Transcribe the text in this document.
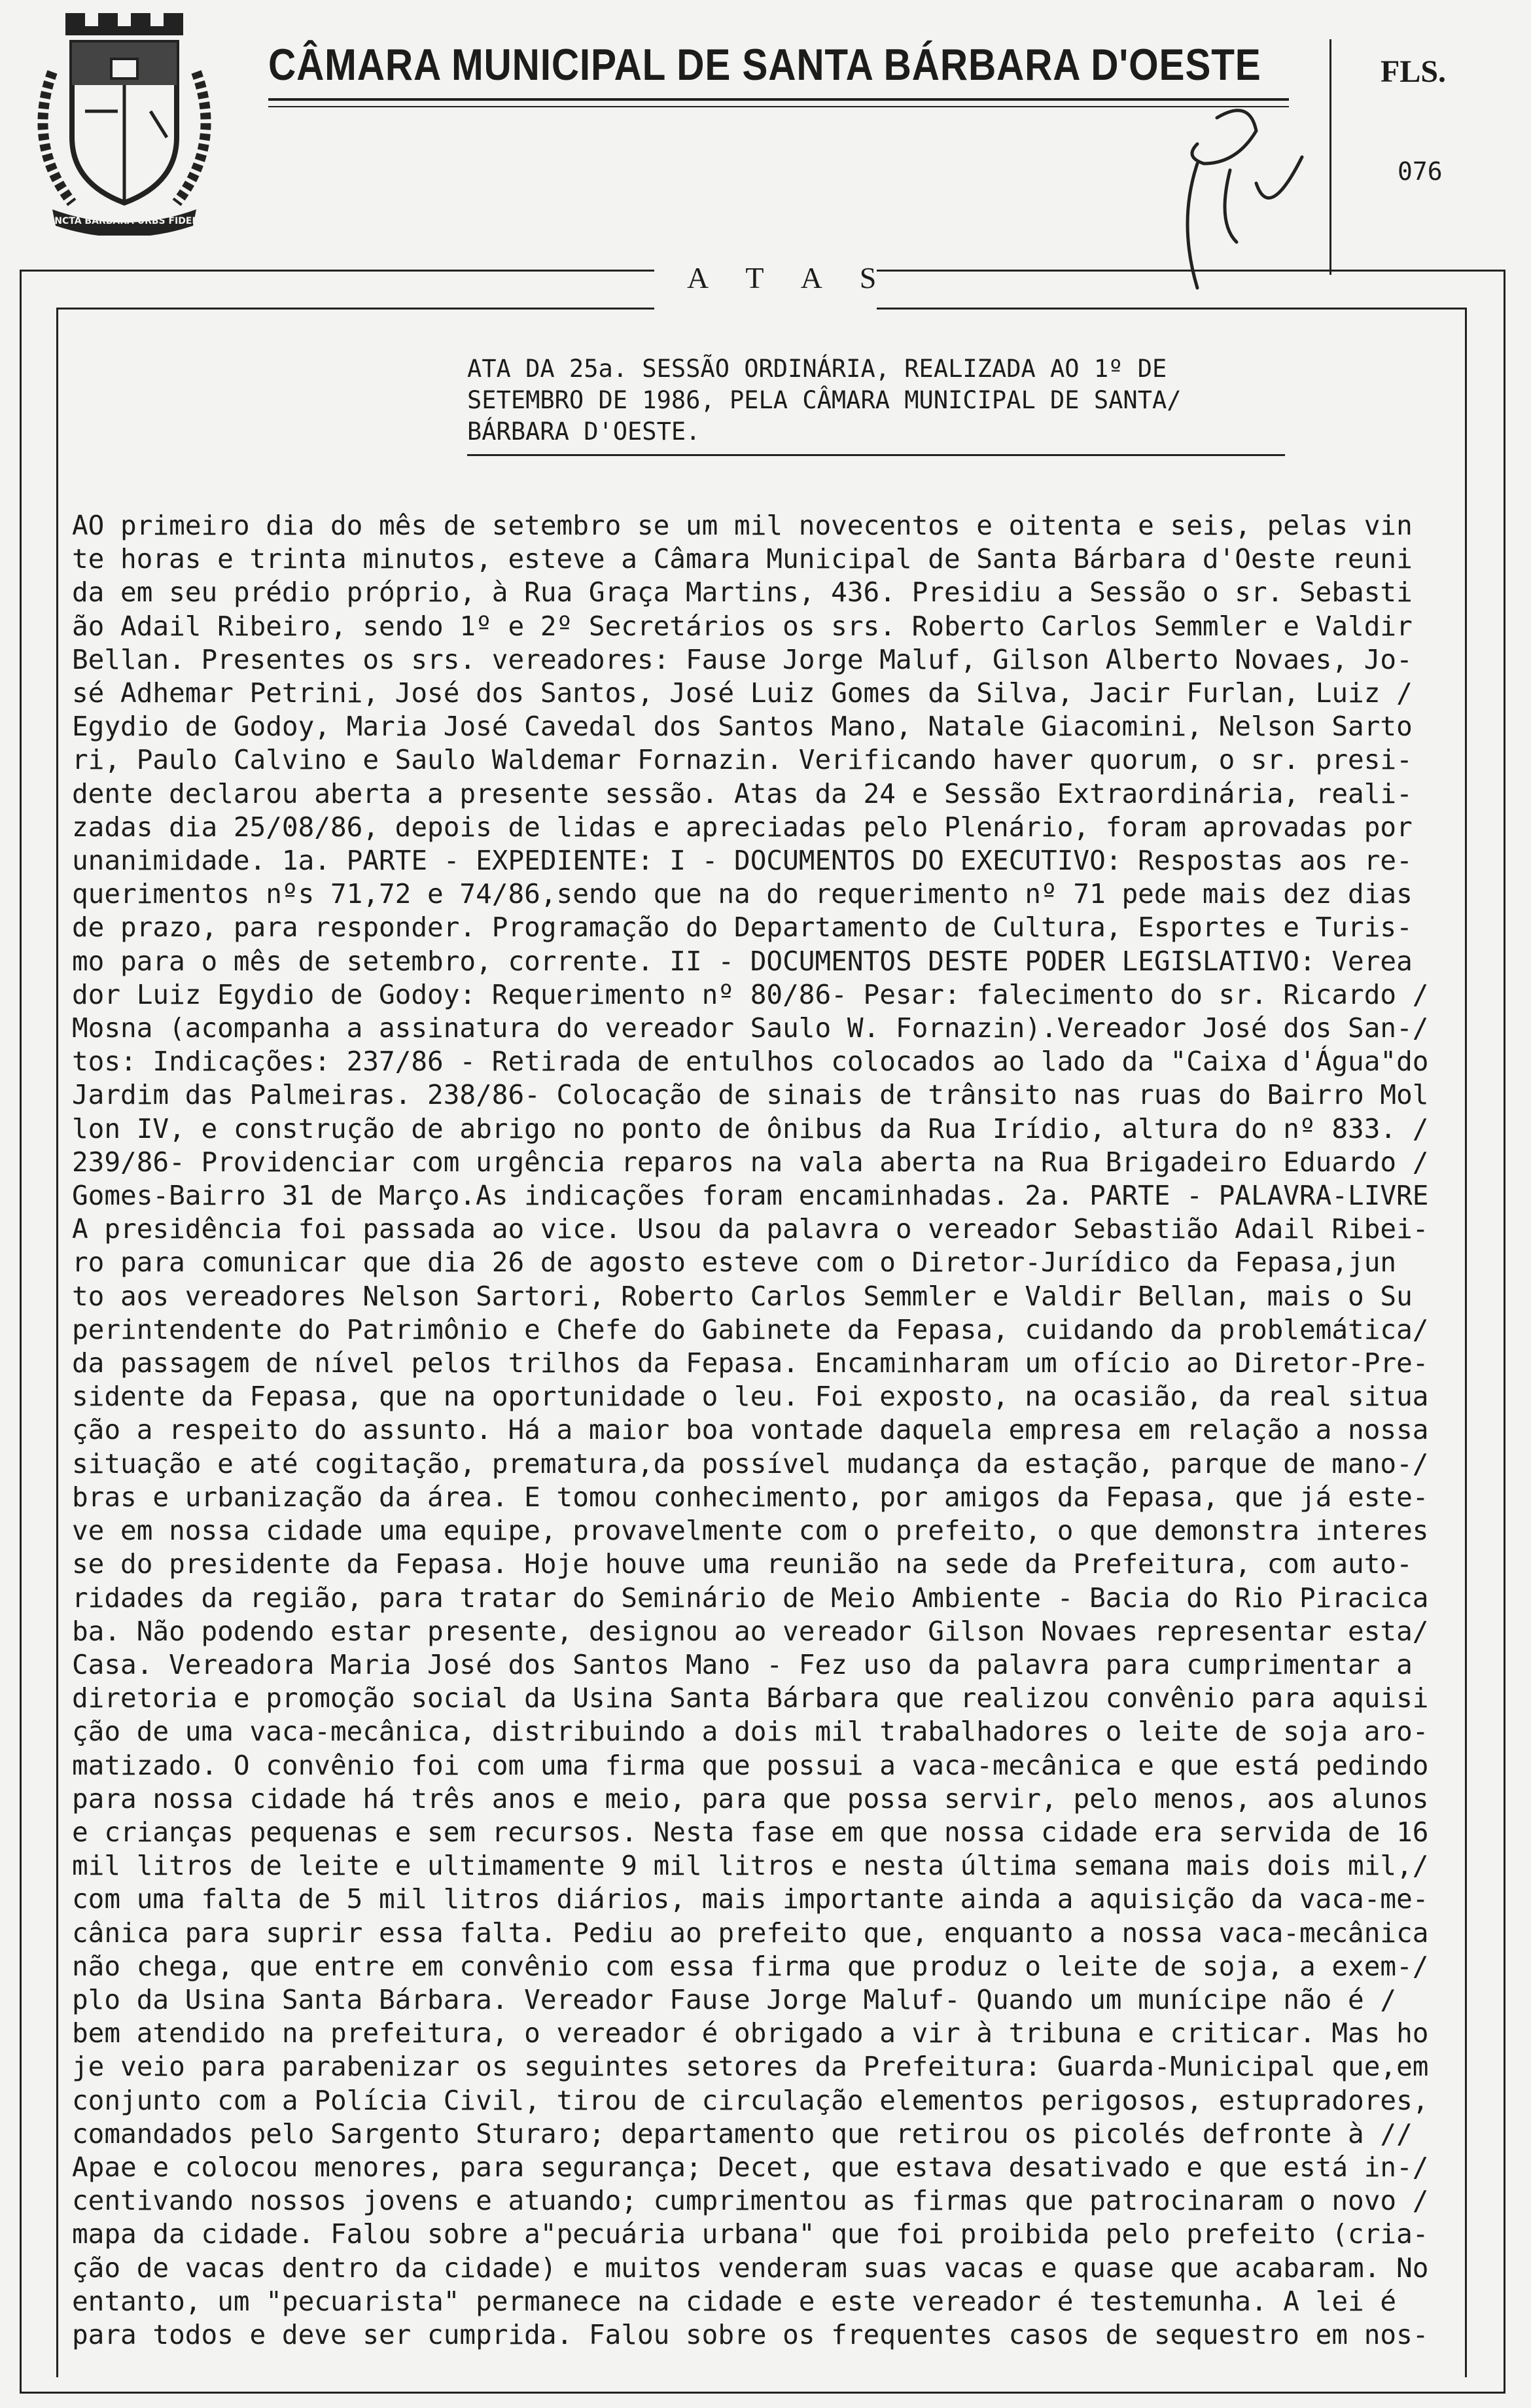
SANCTA BARBARA URBS FIDELIS
CÂMARA MUNICIPAL DE SANTA BÁRBARA D'OESTE	FLS.
076
A T A S
ATA DA 25a. SESSÃO ORDINÁRIA, REALIZADA AO 1º DE
SETEMBRO DE 1986, PELA CÂMARA MUNICIPAL DE SANTA/
BÁRBARA D'OESTE.
AO primeiro dia do mês de setembro se um mil novecentos e oitenta e seis, pelas vin
te horas e trinta minutos, esteve a Câmara Municipal de Santa Bárbara d'Oeste reuni
da em seu prédio próprio, à Rua Graça Martins, 436. Presidiu a Sessão o sr. Sebasti
ão Adail Ribeiro, sendo 1º e 2º Secretários os srs. Roberto Carlos Semmler e Valdir
Bellan. Presentes os srs. vereadores: Fause Jorge Maluf, Gilson Alberto Novaes, Jo-
sé Adhemar Petrini, José dos Santos, José Luiz Gomes da Silva, Jacir Furlan, Luiz /
Egydio de Godoy, Maria José Cavedal dos Santos Mano, Natale Giacomini, Nelson Sarto
ri, Paulo Calvino e Saulo Waldemar Fornazin. Verificando haver quorum, o sr. presi-
dente declarou aberta a presente sessão. Atas da 24 e Sessão Extraordinária, reali-
zadas dia 25/08/86, depois de lidas e apreciadas pelo Plenário, foram aprovadas por
unanimidade. 1a. PARTE - EXPEDIENTE: I - DOCUMENTOS DO EXECUTIVO: Respostas aos re-
querimentos nºs 71,72 e 74/86,sendo que na do requerimento nº 71 pede mais dez dias
de prazo, para responder. Programação do Departamento de Cultura, Esportes e Turis-
mo para o mês de setembro, corrente. II - DOCUMENTOS DESTE PODER LEGISLATIVO: Verea
dor Luiz Egydio de Godoy: Requerimento nº 80/86- Pesar: falecimento do sr. Ricardo /
Mosna (acompanha a assinatura do vereador Saulo W. Fornazin).Vereador José dos San-/
tos: Indicações: 237/86 - Retirada de entulhos colocados ao lado da "Caixa d'Água"do
Jardim das Palmeiras. 238/86- Colocação de sinais de trânsito nas ruas do Bairro Mol
lon IV, e construção de abrigo no ponto de ônibus da Rua Irídio, altura do nº 833. /
239/86- Providenciar com urgência reparos na vala aberta na Rua Brigadeiro Eduardo /
Gomes-Bairro 31 de Março.As indicações foram encaminhadas. 2a. PARTE - PALAVRA-LIVRE
A presidência foi passada ao vice. Usou da palavra o vereador Sebastião Adail Ribei-
ro para comunicar que dia 26 de agosto esteve com o Diretor-Jurídico da Fepasa,jun
to aos vereadores Nelson Sartori, Roberto Carlos Semmler e Valdir Bellan, mais o Su
perintendente do Patrimônio e Chefe do Gabinete da Fepasa, cuidando da problemática/
da passagem de nível pelos trilhos da Fepasa. Encaminharam um ofício ao Diretor-Pre-
sidente da Fepasa, que na oportunidade o leu. Foi exposto, na ocasião, da real situa
ção a respeito do assunto. Há a maior boa vontade daquela empresa em relação a nossa
situação e até cogitação, prematura,da possível mudança da estação, parque de mano-/
bras e urbanização da área. E tomou conhecimento, por amigos da Fepasa, que já este-
ve em nossa cidade uma equipe, provavelmente com o prefeito, o que demonstra interes
se do presidente da Fepasa. Hoje houve uma reunião na sede da Prefeitura, com auto-
ridades da região, para tratar do Seminário de Meio Ambiente - Bacia do Rio Piracica
ba. Não podendo estar presente, designou ao vereador Gilson Novaes representar esta/
Casa. Vereadora Maria José dos Santos Mano - Fez uso da palavra para cumprimentar a
diretoria e promoção social da Usina Santa Bárbara que realizou convênio para aquisi
ção de uma vaca-mecânica, distribuindo a dois mil trabalhadores o leite de soja aro-
matizado. O convênio foi com uma firma que possui a vaca-mecânica e que está pedindo
para nossa cidade há três anos e meio, para que possa servir, pelo menos, aos alunos
e crianças pequenas e sem recursos. Nesta fase em que nossa cidade era servida de 16
mil litros de leite e ultimamente 9 mil litros e nesta última semana mais dois mil,/
com uma falta de 5 mil litros diários, mais importante ainda a aquisição da vaca-me-
cânica para suprir essa falta. Pediu ao prefeito que, enquanto a nossa vaca-mecânica
não chega, que entre em convênio com essa firma que produz o leite de soja, a exem-/
plo da Usina Santa Bárbara. Vereador Fause Jorge Maluf- Quando um munícipe não é /
bem atendido na prefeitura, o vereador é obrigado a vir à tribuna e criticar. Mas ho
je veio para parabenizar os seguintes setores da Prefeitura: Guarda-Municipal que,em
conjunto com a Polícia Civil, tirou de circulação elementos perigosos, estupradores,
comandados pelo Sargento Sturaro; departamento que retirou os picolés defronte à //
Apae e colocou menores, para segurança; Decet, que estava desativado e que está in-/
centivando nossos jovens e atuando; cumprimentou as firmas que patrocinaram o novo /
mapa da cidade. Falou sobre a"pecuária urbana" que foi proibida pelo prefeito (cria-
ção de vacas dentro da cidade) e muitos venderam suas vacas e quase que acabaram. No
entanto, um "pecuarista" permanece na cidade e este vereador é testemunha. A lei é
para todos e deve ser cumprida. Falou sobre os frequentes casos de sequestro em nos-
